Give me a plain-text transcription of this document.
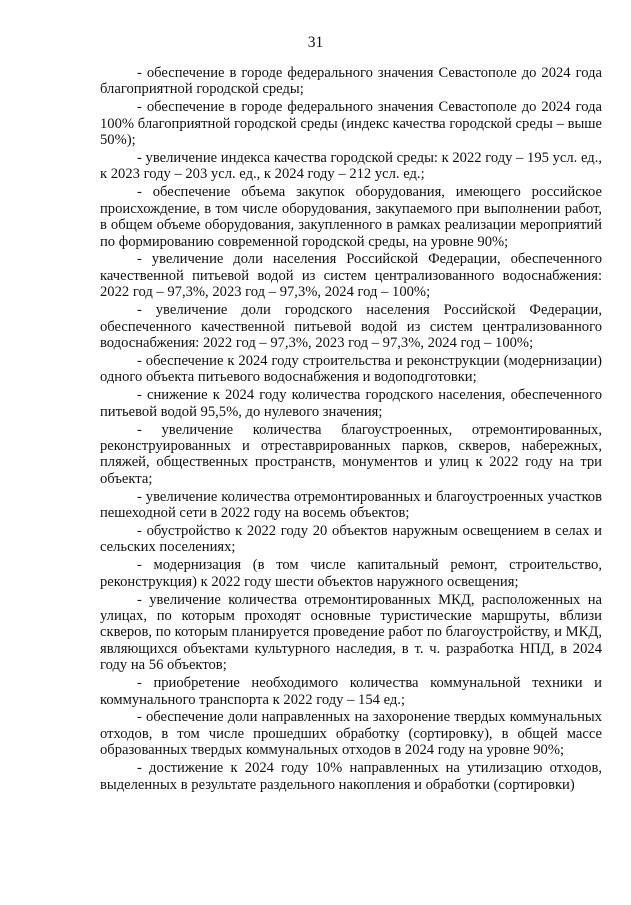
31

- обеспечение в городе федерального значения Севастополе до 2024 года благоприятной городской среды;

- обеспечение в городе федерального значения Севастополе до 2024 года 100% благоприятной городской среды (индекс качества городской среды – выше 50%);

- увеличение индекса качества городской среды: к 2022 году – 195 усл. ед., к 2023 году – 203 усл. ед., к 2024 году – 212 усл. ед.;

- обеспечение объема закупок оборудования, имеющего российское происхождение, в том числе оборудования, закупаемого при выполнении работ, в общем объеме оборудования, закупленного в рамках реализации мероприятий по формированию современной городской среды, на уровне 90%;

- увеличение доли населения Российской Федерации, обеспеченного качественной питьевой водой из систем централизованного водоснабжения: 2022 год – 97,3%, 2023 год – 97,3%, 2024 год – 100%;

- увеличение доли городского населения Российской Федерации, обеспеченного качественной питьевой водой из систем централизованного водоснабжения: 2022 год – 97,3%, 2023 год – 97,3%, 2024 год – 100%;

- обеспечение к 2024 году строительства и реконструкции (модернизации) одного объекта питьевого водоснабжения и водоподготовки;

- снижение к 2024 году количества городского населения, обеспеченного питьевой водой 95,5%, до нулевого значения;

- увеличение количества благоустроенных, отремонтированных, реконструированных и отреставрированных парков, скверов, набережных, пляжей, общественных пространств, монументов и улиц к 2022 году на три объекта;

- увеличение количества отремонтированных и благоустроенных участков пешеходной сети в 2022 году на восемь объектов;

- обустройство к 2022 году 20 объектов наружным освещением в селах и сельских поселениях;

- модернизация (в том числе капитальный ремонт, строительство, реконструкция) к 2022 году шести объектов наружного освещения;

- увеличение количества отремонтированных МКД, расположенных на улицах, по которым проходят основные туристические маршруты, вблизи скверов, по которым планируется проведение работ по благоустройству, и МКД, являющихся объектами культурного наследия, в т. ч. разработка НПД, в 2024 году на 56 объектов;

- приобретение необходимого количества коммунальной техники и коммунального транспорта к 2022 году – 154 ед.;

- обеспечение доли направленных на захоронение твердых коммунальных отходов, в том числе прошедших обработку (сортировку), в общей массе образованных твердых коммунальных отходов в 2024 году на уровне 90%;

- достижение к 2024 году 10% направленных на утилизацию отходов, выделенных в результате раздельного накопления и обработки (сортировки)
